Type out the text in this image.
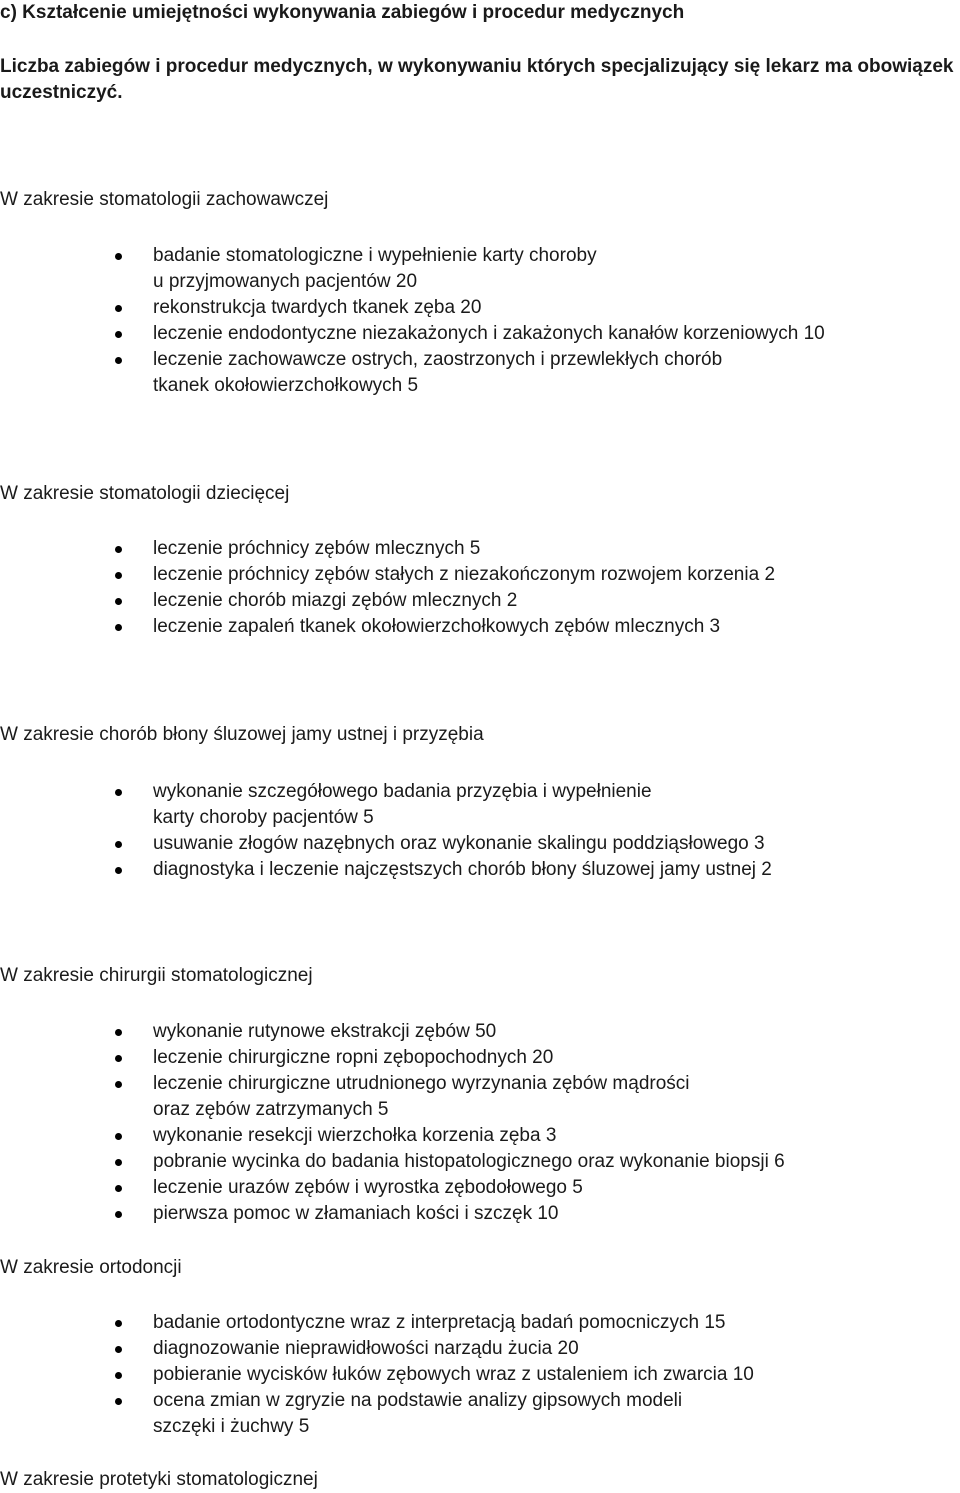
c) Kształcenie umiejętności wykonywania zabiegów i procedur medycznych
Liczba zabiegów i procedur medycznych, w wykonywaniu których specjalizujący się lekarz ma obowiązek uczestniczyć.
W zakresie stomatologii zachowawczej
badanie stomatologiczne i wypełnienie karty choroby
u przyjmowanych pacjentów 20
rekonstrukcja twardych tkanek zęba 20
leczenie endodontyczne niezakażonych i zakażonych kanałów korzeniowych 10
leczenie zachowawcze ostrych, zaostrzonych i przewlekłych chorób
tkanek okołowierzchołkowych 5
W zakresie stomatologii dziecięcej
leczenie próchnicy zębów mlecznych 5
leczenie próchnicy zębów stałych z niezakończonym rozwojem korzenia 2
leczenie chorób miazgi zębów mlecznych 2
leczenie zapaleń tkanek okołowierzchołkowych zębów mlecznych 3
W zakresie chorób błony śluzowej jamy ustnej i przyzębia
wykonanie szczegółowego badania przyzębia i wypełnienie
karty choroby pacjentów 5
usuwanie złogów nazębnych oraz wykonanie skalingu poddziąsłowego 3
diagnostyka i leczenie najczęstszych chorób błony śluzowej jamy ustnej 2
W zakresie chirurgii stomatologicznej
wykonanie rutynowe ekstrakcji zębów 50
leczenie chirurgiczne ropni zębopochodnych 20
leczenie chirurgiczne utrudnionego wyrzynania zębów mądrości
oraz zębów zatrzymanych 5
wykonanie resekcji wierzchołka korzenia zęba 3
pobranie wycinka do badania histopatologicznego oraz wykonanie biopsji 6
leczenie urazów zębów i wyrostka zębodołowego 5
pierwsza pomoc w złamaniach kości i szczęk 10
W zakresie ortodoncji
badanie ortodontyczne wraz z interpretacją badań pomocniczych 15
diagnozowanie nieprawidłowości narządu żucia 20
pobieranie wycisków łuków zębowych wraz z ustaleniem ich zwarcia 10
ocena zmian w zgryzie na podstawie analizy gipsowych modeli
szczęki i żuchwy 5
W zakresie protetyki stomatologicznej
